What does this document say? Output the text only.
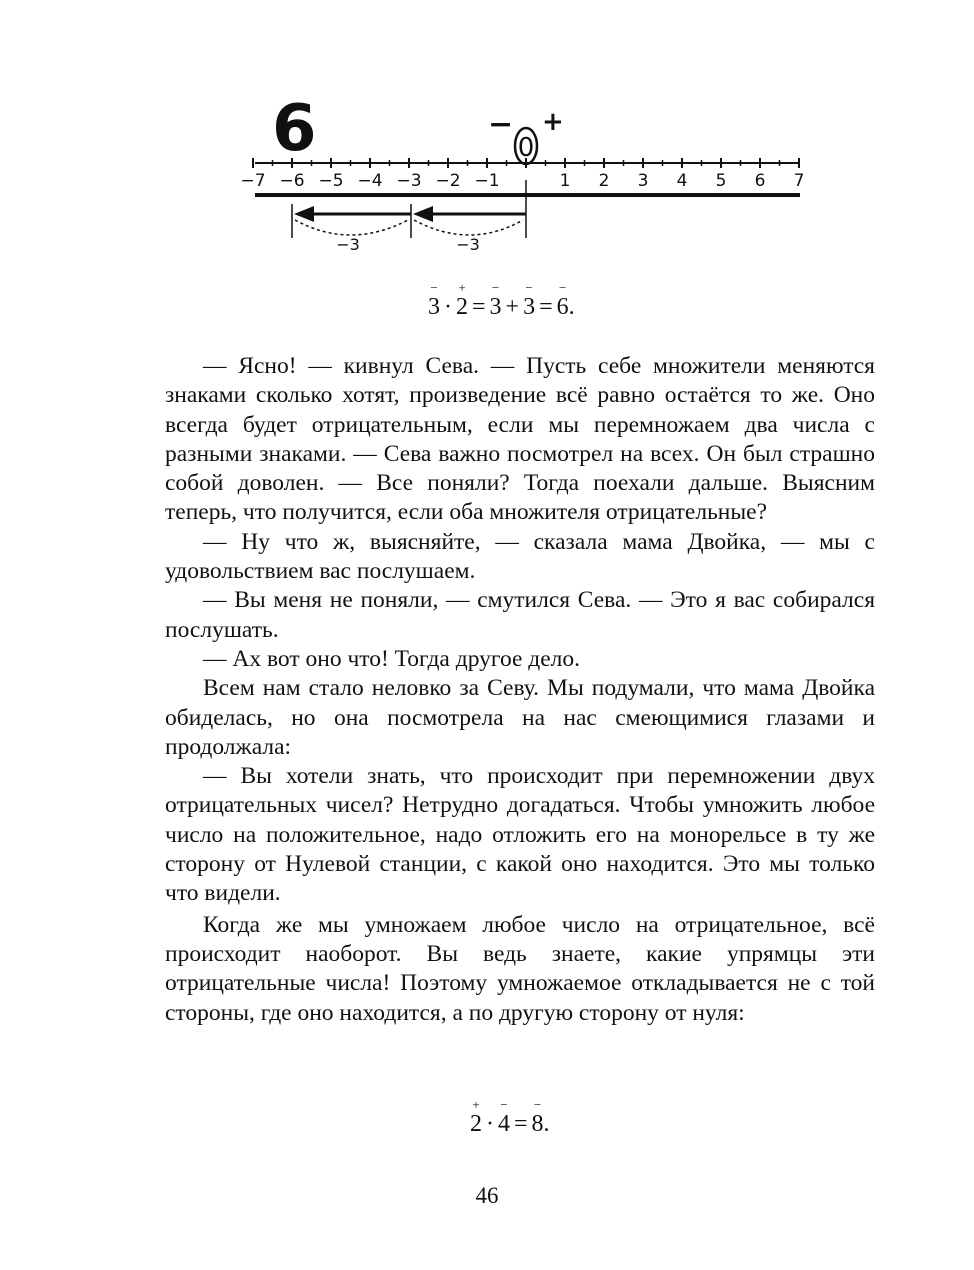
6	− +
0
−7 −6 −5 −4 −3 −2 −1	1 2 3 4 5 6 7
−3	−3
−
3 ·
+
2 =
−
3 +
−
3 =
−
6 .

— Ясно! — кивнул Сева. — Пусть себе множители меняются знаками сколько хотят, произведение всё равно остаётся то же. Оно всегда будет отрицательным, если мы перемножаем два числа с разными знаками. — Сева важно посмотрел на всех. Он был страшно собой доволен. — Все поняли? Тогда поехали дальше. Выясним теперь, что получится, если оба множителя отрицательные?

— Ну что ж, выясняйте, — сказала мама Двойка, — мы с удовольствием вас послушаем.

— Вы меня не поняли, — смутился Сева. — Это я вас собирался послушать.

— Ах вот оно что! Тогда другое дело.

Всем нам стало неловко за Севу. Мы подумали, что мама Двойка обиделась, но она посмотрела на нас смеющимися глазами и продолжала:

— Вы хотели знать, что происходит при перемножении двух отрицательных чисел? Нетрудно догадаться. Чтобы умножить любое число на положительное, надо отложить его на монорельсе в ту же сторону от Нулевой станции, с какой оно находится. Это мы только что видели.

Когда же мы умножаем любое число на отрицательное, всё происходит наоборот. Вы ведь знаете, какие упрямцы эти отрицательные числа! Поэтому умножаемое откладывается не с той стороны, где оно находится, а по другую сторону от нуля:

+
2 ·
−
4 =
−
8 .
46
